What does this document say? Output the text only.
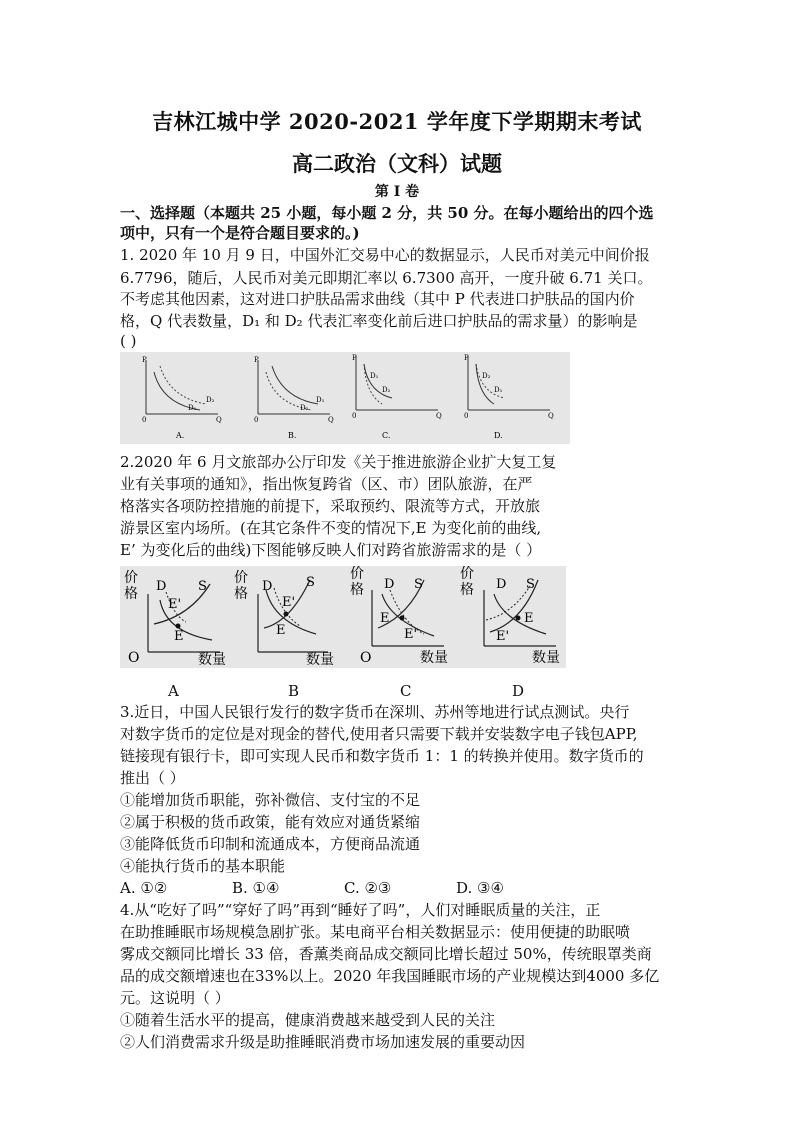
吉林江城中学 2020-2021 学年度下学期期末考试
高二政治（文科）试题
第 Ⅰ 卷
一、选择题（本题共 25 小题，每小题 2 分，共 50 分。在每小题给出的四个选
项中，只有一个是符合题目要求的。)
1. 2020 年 10 月 9 日，中国外汇交易中心的数据显示，人民币对美元中间价报
6.7796，随后，人民币对美元即期汇率以 6.7300 高开，一度升破 6.71 关口。
不考虑其他因素，这对进口护肤品需求曲线（其中 P 代表进口护肤品的国内价
格，Q 代表数量，D₁ 和 D₂ 代表汇率变化前后进口护肤品的需求量）的影响是
( )
P
0	Q
D₂
D₁
A.
P
0	Q
D₁
D₂
B.
P
0	Q
D₁
D₂
C.
P
0	Q
D₂
D₁
D.
2.2020 年 6 月文旅部办公厅印发《关于推进旅游企业扩大复工复
业有关事项的通知》，指出恢复跨省（区、市）团队旅游，在严
格落实各项防控措施的前提下，采取预约、限流等方式，开放旅
游景区室内场所。(在其它条件不变的情况下,E 为变化前的曲线,
E’ 为变化后的曲线)下图能够反映人们对跨省旅游需求的是（ ）
价
格
O	数量
D S
E'
E
价
格
数量
D	S
E'
E
价
格
O	数量
D S
E
E'
价
格
数量
D S
E
E'
A	B	C	D
3.近日，中国人民银行发行的数字货币在深圳、苏州等地进行试点测试。央行
对数字货币的定位是对现金的替代,使用者只需要下载并安装数字电子钱包APP,
链接现有银行卡，即可实现人民币和数字货币 1：1 的转换并使用。数字货币的
推出（ ）
①能增加货币职能，弥补微信、支付宝的不足
②属于积极的货币政策，能有效应对通货紧缩
③能降低货币印制和流通成本，方便商品流通
④能执行货币的基本职能
A. ①②	B. ①④	C. ②③	D. ③④
4.从“吃好了吗”“穿好了吗”再到“睡好了吗”，人们对睡眠质量的关注，正
在助推睡眠市场规模急剧扩张。某电商平台相关数据显示：使用便捷的助眠喷
雾成交额同比增长 33 倍，香薰类商品成交额同比增长超过 50%，传统眼罩类商
品的成交额增速也在33%以上。2020 年我国睡眠市场的产业规模达到4000 多亿
元。这说明（ ）
①随着生活水平的提高，健康消费越来越受到人民的关注
②人们消费需求升级是助推睡眠消费市场加速发展的重要动因
